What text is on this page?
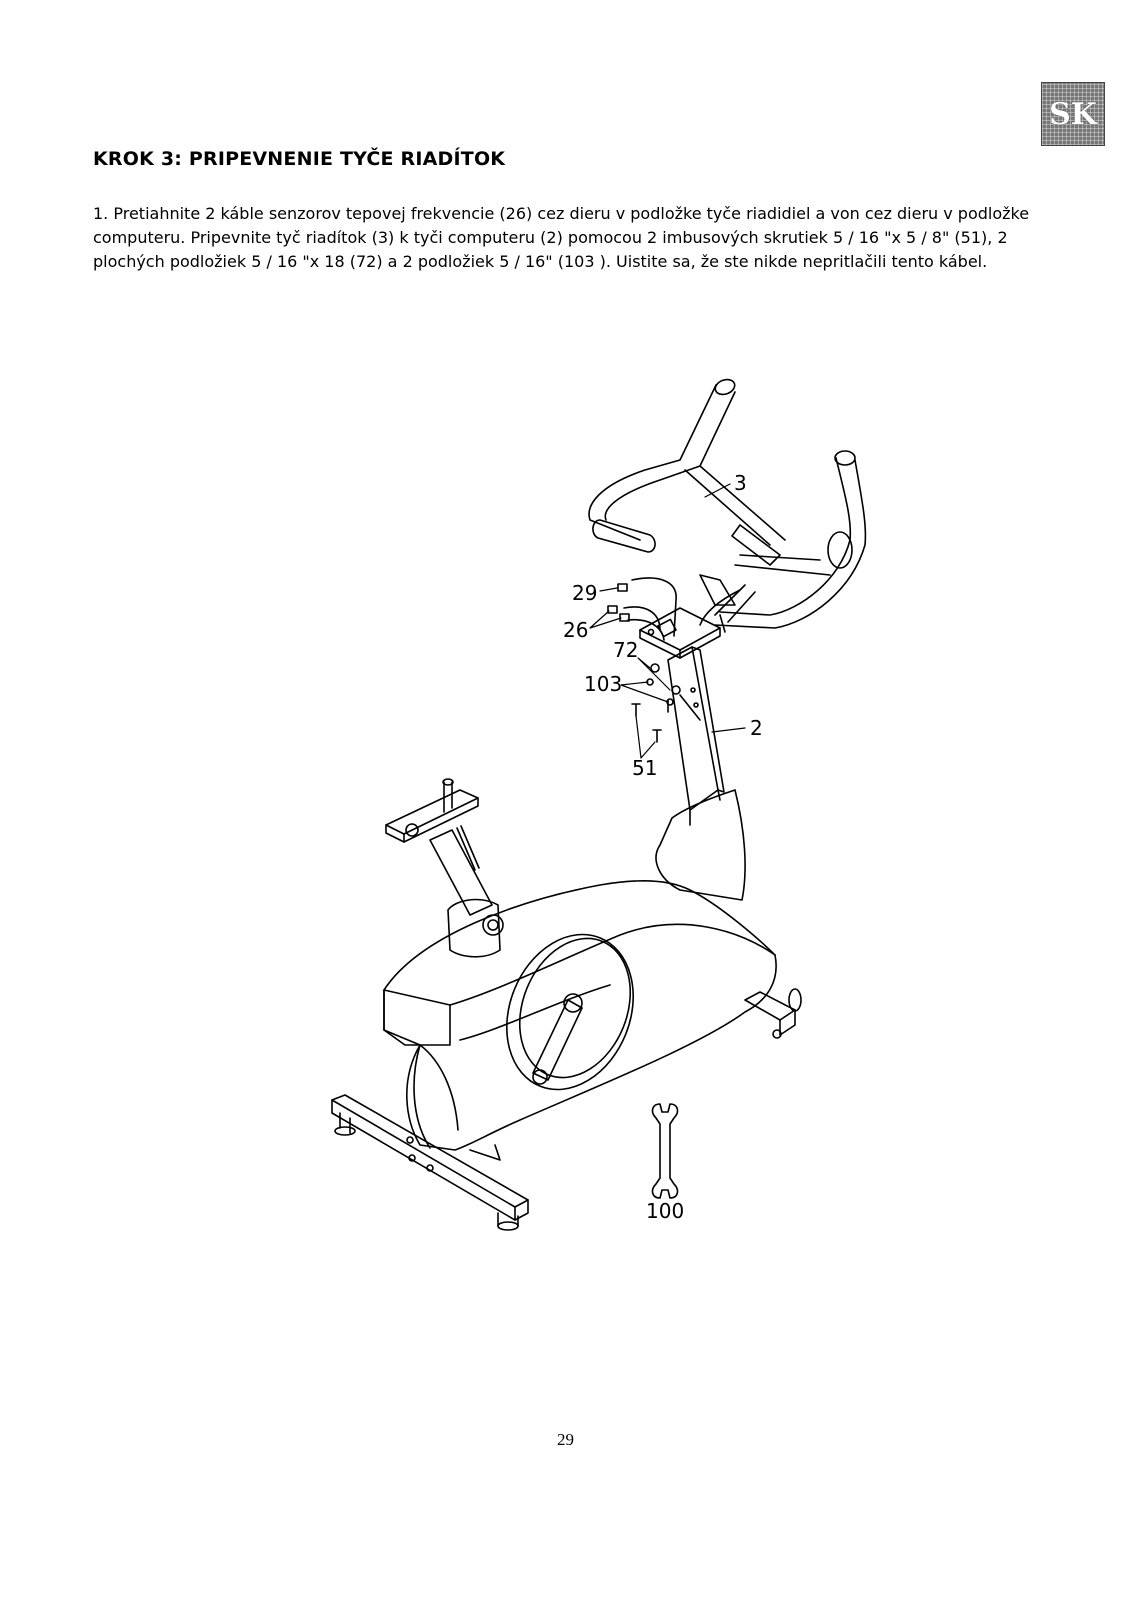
SK
KROK 3: PRIPEVNENIE TYČE RIADÍTOK

1. Pretiahnite 2 káble senzorov tepovej frekvencie (26) cez dieru v podložke tyče riadidiel a von cez dieru v podložke computeru. Pripevnite tyč riadítok (3) k tyči computeru (2) pomocou 2 imbusových skrutiek 5 / 16 "x 5 / 8" (51), 2 plochých podložiek 5 / 16 "x 18 (72) a 2 podložiek 5 / 16" (103 ). Uistite sa, že ste nikde nepritlačili tento kábel.

3
29
26
72
103
2
51
100
29
